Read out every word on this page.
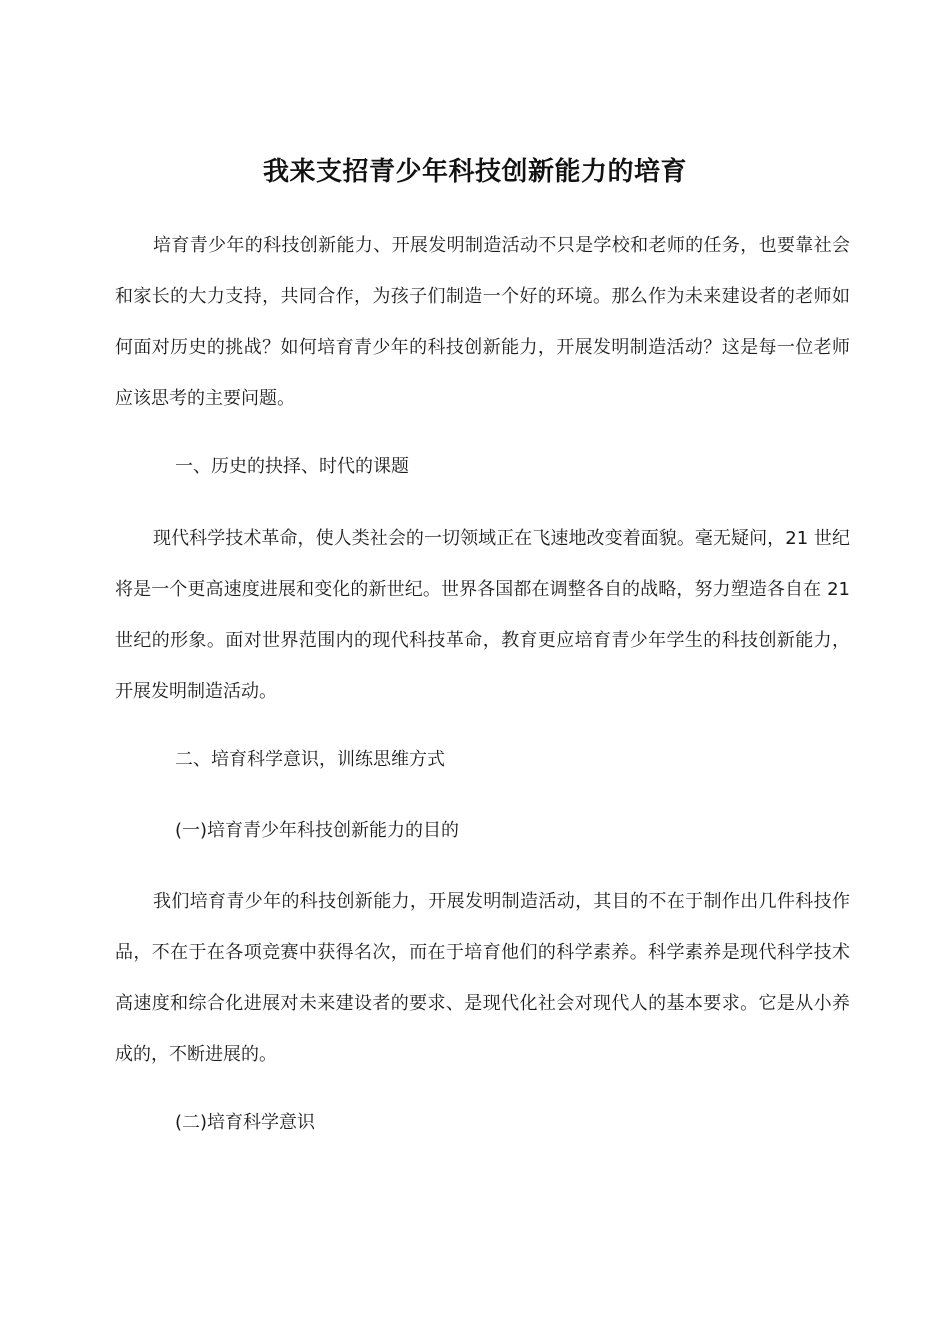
我来支招青少年科技创新能力的培育
培育青少年的科技创新能力、开展发明制造活动不只是学校和老师的任务，也要靠社会和家长的大力支持，共同合作，为孩子们制造一个好的环境。那么作为未来建设者的老师如何面对历史的挑战？如何培育青少年的科技创新能力，开展发明制造活动？这是每一位老师应该思考的主要问题。
一、历史的抉择、时代的课题
现代科学技术革命，使人类社会的一切领域正在飞速地改变着面貌。毫无疑问，21 世纪将是一个更高速度进展和变化的新世纪。世界各国都在调整各自的战略，努力塑造各自在 21 世纪的形象。面对世界范围内的现代科技革命，教育更应培育青少年学生的科技创新能力，开展发明制造活动。
二、培育科学意识，训练思维方式
(一)培育青少年科技创新能力的目的
我们培育青少年的科技创新能力，开展发明制造活动，其目的不在于制作出几件科技作品，不在于在各项竞赛中获得名次，而在于培育他们的科学素养。科学素养是现代科学技术高速度和综合化进展对未来建设者的要求、是现代化社会对现代人的基本要求。它是从小养成的，不断进展的。
(二)培育科学意识
